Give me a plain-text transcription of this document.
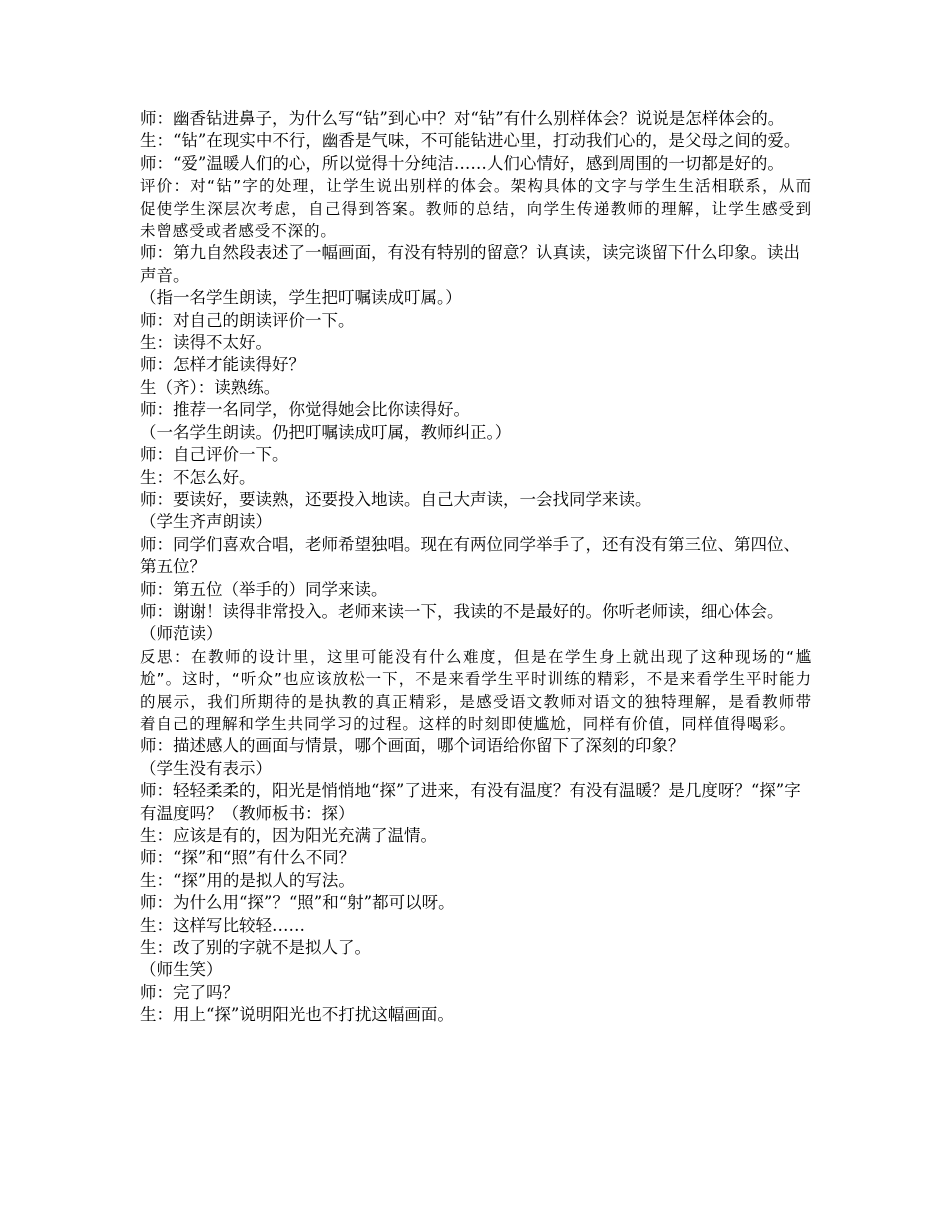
师：幽香钻进鼻子，为什么写“钻”到心中？对“钻”有什么别样体会？说说是怎样体会的。

生：“钻”在现实中不行，幽香是气味，不可能钻进心里，打动我们心的，是父母之间的爱。

师：“爱”温暖人们的心，所以觉得十分纯洁……人们心情好，感到周围的一切都是好的。

评价：对“钻”字的处理，让学生说出别样的体会。架构具体的文字与学生生活相联系，从而促使学生深层次考虑，自己得到答案。教师的总结，向学生传递教师的理解，让学生感受到未曾感受或者感受不深的。

师：第九自然段表述了一幅画面，有没有特别的留意？认真读，读完谈留下什么印象。读出声音。

（指一名学生朗读，学生把叮嘱读成叮属。）

师：对自己的朗读评价一下。

生：读得不太好。

师：怎样才能读得好？

生（齐）：读熟练。

师：推荐一名同学，你觉得她会比你读得好。

（一名学生朗读。仍把叮嘱读成叮属，教师纠正。）

师：自己评价一下。

生：不怎么好。

师：要读好，要读熟，还要投入地读。自己大声读，一会找同学来读。

（学生齐声朗读）

师：同学们喜欢合唱，老师希望独唱。现在有两位同学举手了，还有没有第三位、第四位、第五位？

师：第五位（举手的）同学来读。

师：谢谢！读得非常投入。老师来读一下，我读的不是最好的。你听老师读，细心体会。

（师范读）

反思：在教师的设计里，这里可能没有什么难度，但是在学生身上就出现了这种现场的“尴尬”。这时，“听众”也应该放松一下，不是来看学生平时训练的精彩，不是来看学生平时能力的展示，我们所期待的是执教的真正精彩，是感受语文教师对语文的独特理解，是看教师带着自己的理解和学生共同学习的过程。这样的时刻即使尴尬，同样有价值，同样值得喝彩。

师：描述感人的画面与情景，哪个画面，哪个词语给你留下了深刻的印象？

（学生没有表示）

师：轻轻柔柔的，阳光是悄悄地“探”了进来，有没有温度？有没有温暖？是几度呀？“探”字有温度吗？（教师板书：探）

生：应该是有的，因为阳光充满了温情。

师：“探”和“照”有什么不同？

生：“探”用的是拟人的写法。

师：为什么用“探”？“照”和“射”都可以呀。

生：这样写比较轻……

生：改了别的字就不是拟人了。

（师生笑）

师：完了吗？

生：用上“探”说明阳光也不打扰这幅画面。
